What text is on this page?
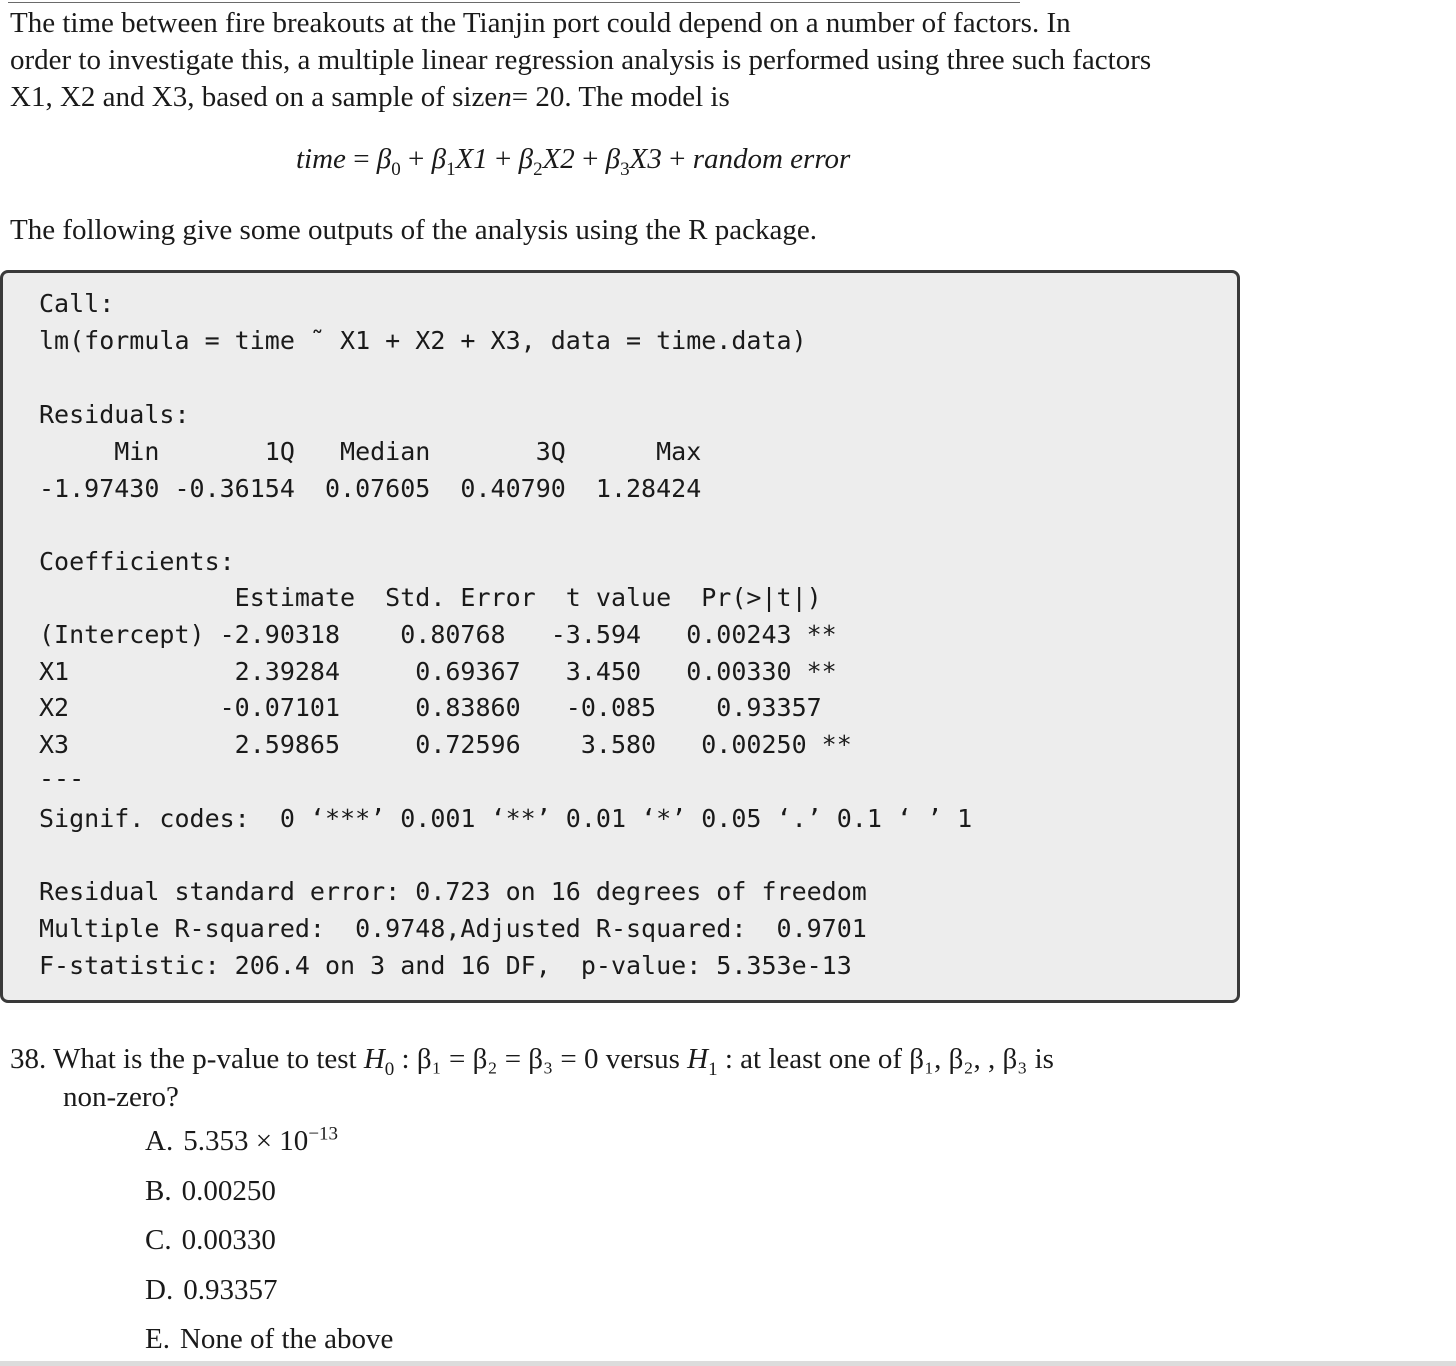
The time between fire breakouts at the Tianjin port could depend on a number of factors. In
order to investigate this, a multiple linear regression analysis is performed using three such factors
X1, X2 and X3, based on a sample of size n = 20. The model is
time = $\beta_0 + \beta_1X1 + \beta_2X2 + \beta_3X3$ + random error
The following give some outputs of the analysis using the R package.
Call:
lm(formula = time ˜ X1 + X2 + X3, data = time.data)
Residuals:
Min       1Q   Median       3Q      Max
-1.97430 -0.36154  0.07605  0.40790  1.28424
Coefficients:
Estimate  Std. Error  t value  Pr(>|t|)
(Intercept) -2.90318    0.80768   -3.594   0.00243 **
X1           2.39284     0.69367   3.450   0.00330 **
X2          -0.07101     0.83860   -0.085    0.93357
X3           2.59865     0.72596    3.580   0.00250 **
---
Signif. codes:  0 ‘***’ 0.001 ‘**’ 0.01 ‘*’ 0.05 ‘.’ 0.1 ‘ ’ 1
Residual standard error: 0.723 on 16 degrees of freedom
Multiple R-squared:  0.9748,Adjusted R-squared:  0.9701
F-statistic: 206.4 on 3 and 16 DF,  p-value: 5.353e-13
38. What is the p-value to test $H_0$ : β₁ = β₂ = β₃ = 0 versus $H_1$ : at least one of β₁, β₂, , β₃ is
non-zero?
A. $5.353 \times 10^{-13}$
B. 0.00250
C. 0.00330
D. 0.93357
E. None of the above
